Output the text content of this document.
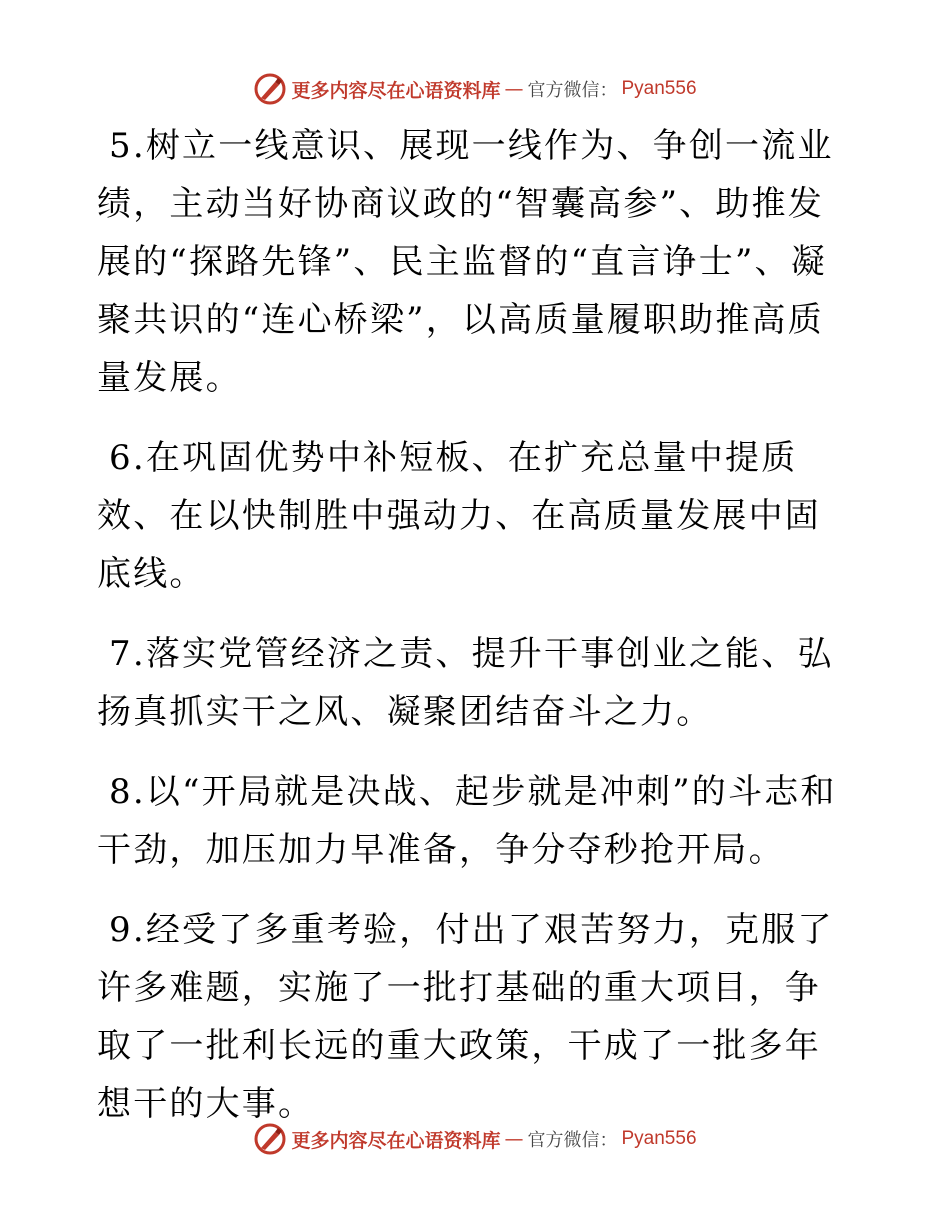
更多内容尽在心语资料库 — 官方微信： Pyan556

5.树立一线意识、展现一线作为、争创一流业绩，主动当好协商议政的“智囊高参”、助推发展的“探路先锋”、民主监督的“直言诤士”、凝聚共识的“连心桥梁”，以高质量履职助推高质量发展。

6.在巩固优势中补短板、在扩充总量中提质效、在以快制胜中强动力、在高质量发展中固底线。

7.落实党管经济之责、提升干事创业之能、弘扬真抓实干之风、凝聚团结奋斗之力。

8.以“开局就是决战、起步就是冲刺”的斗志和干劲，加压加力早准备，争分夺秒抢开局。

9.经受了多重考验，付出了艰苦努力，克服了许多难题，实施了一批打基础的重大项目，争取了一批利长远的重大政策，干成了一批多年想干的大事。

更多内容尽在心语资料库 — 官方微信： Pyan556
